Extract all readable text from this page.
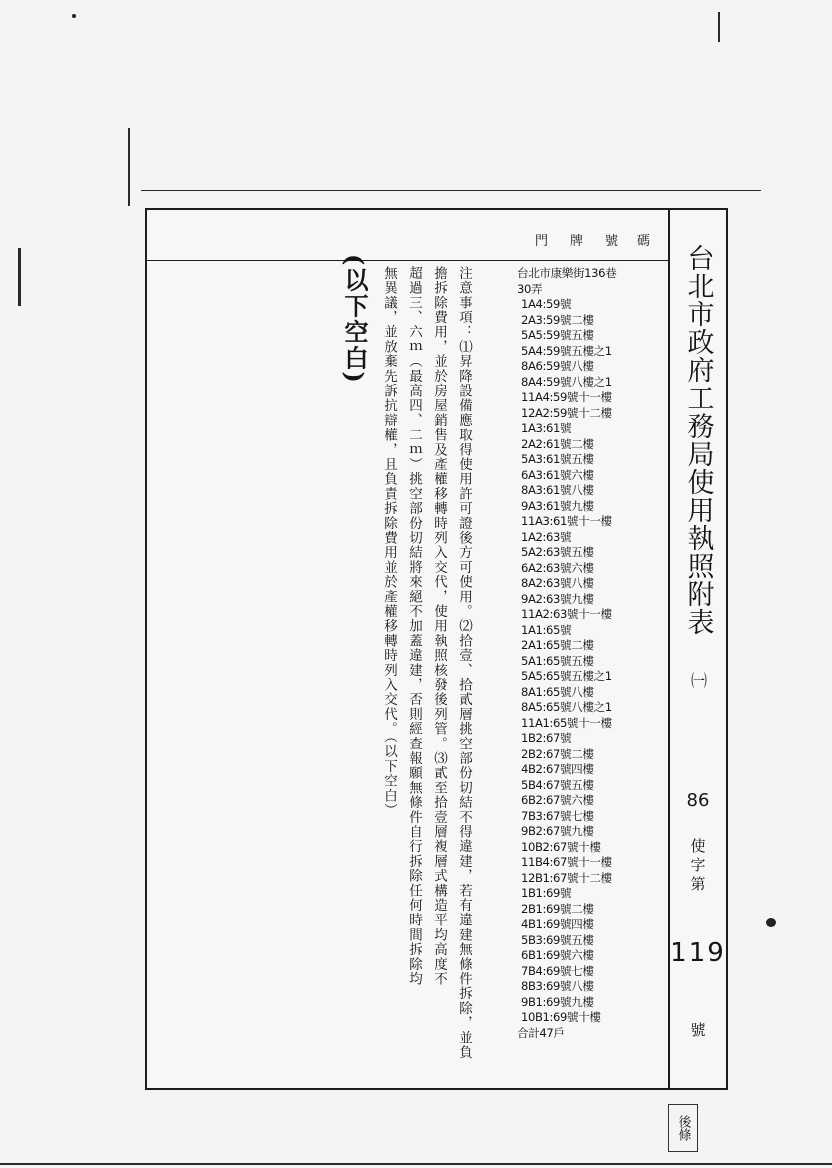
門 牌 號 碼
台北市康樂街136巷
30弄
1A4:59號
2A3:59號二樓
5A5:59號五樓
5A4:59號五樓之1
8A6:59號八樓
8A4:59號八樓之1
11A4:59號十一樓
12A2:59號十二樓
1A3:61號
2A2:61號二樓
5A3:61號五樓
6A3:61號六樓
8A3:61號八樓
9A3:61號九樓
11A3:61號十一樓
1A2:63號
5A2:63號五樓
6A2:63號六樓
8A2:63號八樓
9A2:63號九樓
11A2:63號十一樓
1A1:65號
2A1:65號二樓
5A1:65號五樓
5A5:65號五樓之1
8A1:65號八樓
8A5:65號八樓之1
11A1:65號十一樓
1B2:67號
2B2:67號二樓
4B2:67號四樓
5B4:67號五樓
6B2:67號六樓
7B3:67號七樓
9B2:67號九樓
10B2:67號十樓
11B4:67號十一樓
12B1:67號十二樓
1B1:69號
2B1:69號二樓
4B1:69號四樓
5B3:69號五樓
6B1:69號六樓
7B4:69號七樓
8B3:69號八樓
9B1:69號九樓
10B1:69號十樓
合計47戶
注意事項：⑴昇降設備應取得使用許可證後方可使用。⑵拾壹、拾貳層挑空部份切結不得違建，若有違建無條件拆除，並負
擔拆除費用，並於房屋銷售及產權移轉時列入交代，使用執照核發後列管。⑶貳至拾壹層複層式構造平均高度不
超過三、六ｍ（最高四、二ｍ）挑空部份切結將來絕不加蓋違建，否則經查報願無條件自行拆除任何時間拆除均
無異議，並放棄先訴抗辯權，且負責拆除費用並於產權移轉時列入交代。（以下空白）
(以下空白)	台北市政府工務局使用執照附表
㈠
86
使字第
119
號
後條
